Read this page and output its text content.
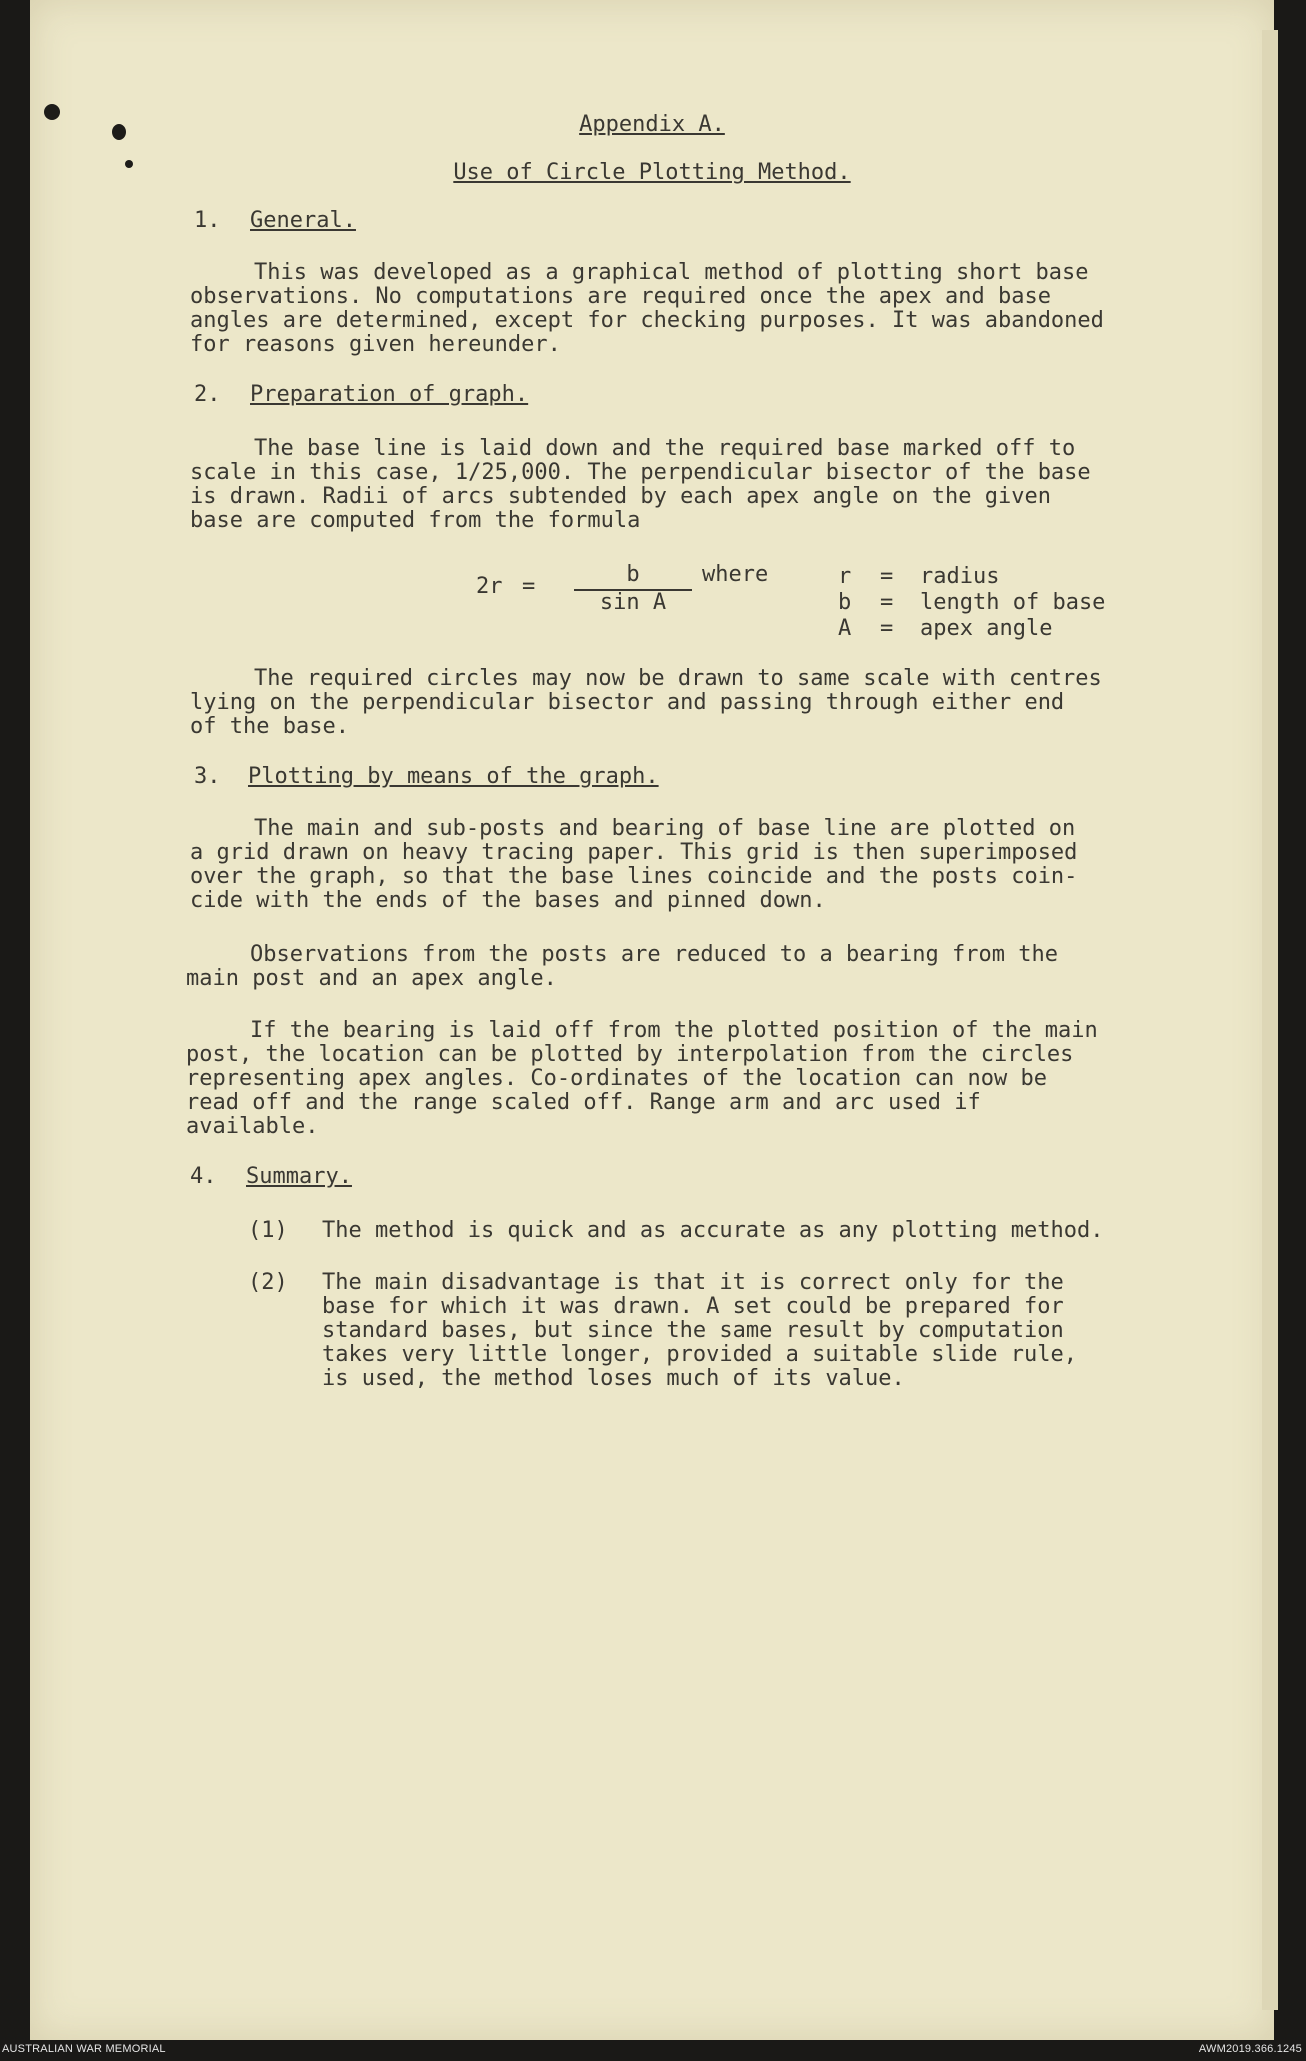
Appendix A.
Use of Circle Plotting Method.
1. General.
This was developed as a graphical method of plotting short base
observations. No computations are required once the apex and base
angles are determined, except for checking purposes. It was abandoned
for reasons given hereunder.
2. Preparation of graph.
The base line is laid down and the required base marked off to
scale in this case, 1/25,000. The perpendicular bisector of the base
is drawn. Radii of arcs subtended by each apex angle on the given
base are computed from the formula
2r =	b
sin A
where	r = radius
b = length of base
A = apex angle
The required circles may now be drawn to same scale with centres
lying on the perpendicular bisector and passing through either end
of the base.
3. Plotting by means of the graph.
The main and sub-posts and bearing of base line are plotted on
a grid drawn on heavy tracing paper. This grid is then superimposed
over the graph, so that the base lines coincide and the posts coin-
cide with the ends of the bases and pinned down.
Observations from the posts are reduced to a bearing from the
main post and an apex angle.
If the bearing is laid off from the plotted position of the main
post, the location can be plotted by interpolation from the circles
representing apex angles. Co-ordinates of the location can now be
read off and the range scaled off. Range arm and arc used if
available.
4. Summary.
(1) The method is quick and as accurate as any plotting method.
(2) The main disadvantage is that it is correct only for the
base for which it was drawn. A set could be prepared for
standard bases, but since the same result by computation
takes very little longer, provided a suitable slide rule,
is used, the method loses much of its value.
AUSTRALIAN WAR MEMORIAL	AWM2019.366.1245
